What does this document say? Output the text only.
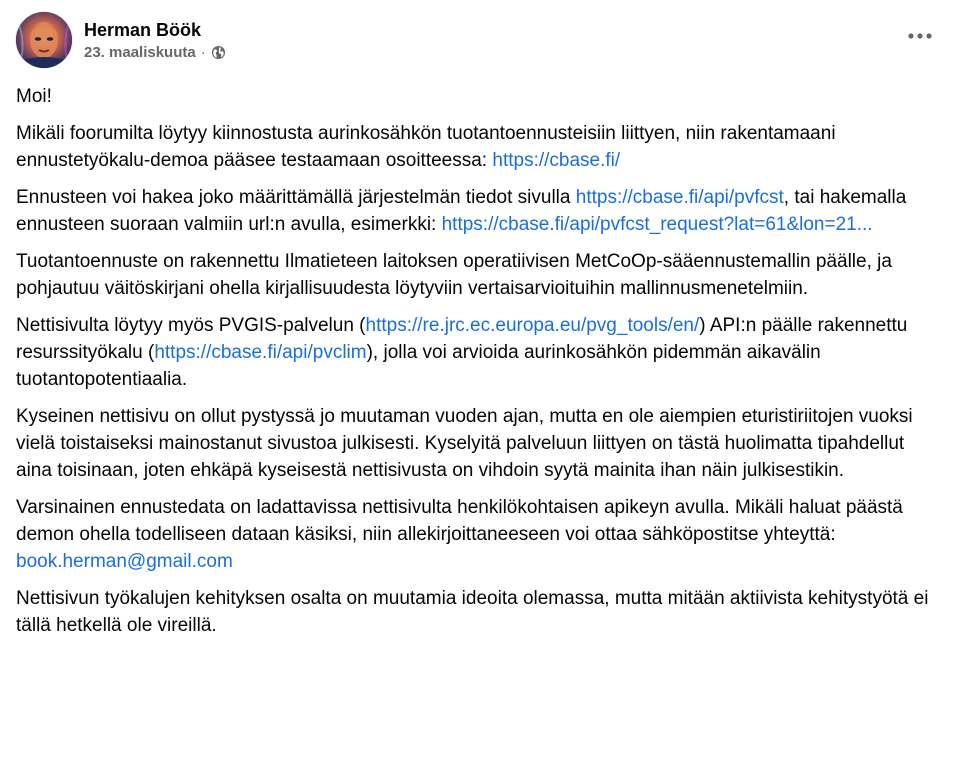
Herman Böök
23. maaliskuuta ·

Moi!

Mikäli foorumilta löytyy kiinnostusta aurinkosähkön tuotantoennusteisiin liittyen, niin rakentamaani ennustetyökalu-demoa pääsee testaamaan osoitteessa: https://cbase.fi/

Ennusteen voi hakea joko määrittämällä järjestelmän tiedot sivulla https://cbase.fi/api/pvfcst, tai hakemalla ennusteen suoraan valmiin url:n avulla, esimerkki: https://cbase.fi/api/pvfcst_request?lat=61&lon=21...

Tuotantoennuste on rakennettu Ilmatieteen laitoksen operatiivisen MetCoOp-sääennustemallin päälle, ja pohjautuu väitöskirjani ohella kirjallisuudesta löytyviin vertaisarvioituihin mallinnusmenetelmiin.

Nettisivulta löytyy myös PVGIS-palvelun (https://re.jrc.ec.europa.eu/pvg_tools/en/) API:n päälle rakennettu resurssityökalu (https://cbase.fi/api/pvclim), jolla voi arvioida aurinkosähkön pidemmän aikavälin tuotantopotentiaalia.

Kyseinen nettisivu on ollut pystyssä jo muutaman vuoden ajan, mutta en ole aiempien eturistiriitojen vuoksi vielä toistaiseksi mainostanut sivustoa julkisesti. Kyselyitä palveluun liittyen on tästä huolimatta tipahdellut aina toisinaan, joten ehkäpä kyseisestä nettisivusta on vihdoin syytä mainita ihan näin julkisestikin.

Varsinainen ennustedata on ladattavissa nettisivulta henkilökohtaisen apikeyn avulla. Mikäli haluat päästä demon ohella todelliseen dataan käsiksi, niin allekirjoittaneeseen voi ottaa sähköpostitse yhteyttä: book.herman@gmail.com

Nettisivun työkalujen kehityksen osalta on muutamia ideoita olemassa, mutta mitään aktiivista kehitystyötä ei tällä hetkellä ole vireillä.
